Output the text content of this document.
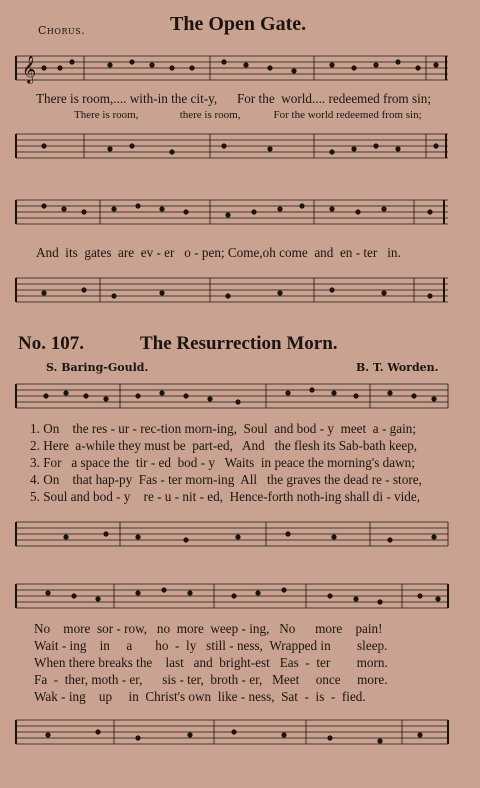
Chorus.	The Open Gate.
𝄞
There is room,.... with-in the cit-y,      For the  world.... redeemed from sin;
There is room,               there is room,            For the world redeemed from sin;
And  its  gates  are  ev - er   o - pen; Come,oh come  and  en - ter   in.
No. 107.	The Resurrection Morn.
S. Baring-Gould.	B. T. Worden.
1. On    the res - ur - rec-tion morn-ing,  Soul  and bod - y  meet  a - gain;
2. Here  a-while they must be  part-ed,   And   the flesh its Sab-bath keep,
3. For   a space the  tir - ed  bod - y   Waits  in peace the morning's dawn;
4. On    that hap-py  Fas - ter morn-ing  All   the graves the dead re - store,
5. Soul and bod - y    re - u - nit - ed,  Hence-forth noth-ing shall di - vide,
No    more  sor - row,   no  more  weep - ing,   No      more    pain!
Wait - ing    in     a       ho  -  ly   still - ness,  Wrapped in        sleep.
When there breaks the    last   and  bright-est   Eas  -  ter        morn.
Fa  -  ther, moth - er,      sis - ter,  broth - er,   Meet     once     more.
Wak - ing    up     in  Christ's own  like - ness,  Sat  -  is  -  fied.
